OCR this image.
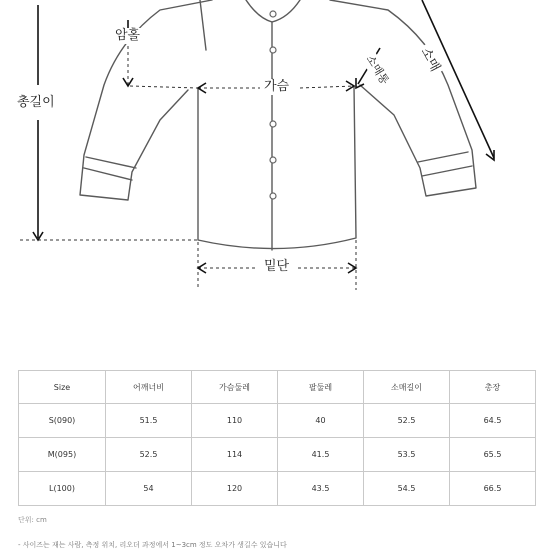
암홀
총길이
가슴	소매통 소매
밑단
Size	어깨너비	가슴둘레	팔둘레	소매길이	총장
S(090)	51.5	110	40	52.5	64.5
M(095)	52.5	114	41.5	53.5	65.5
L(100)	54	120	43.5	54.5	66.5
단위: cm
- 사이즈는 재는 사람, 측정 위치, 리오더 과정에서 1~3cm 정도 오차가 생길수 있습니다
